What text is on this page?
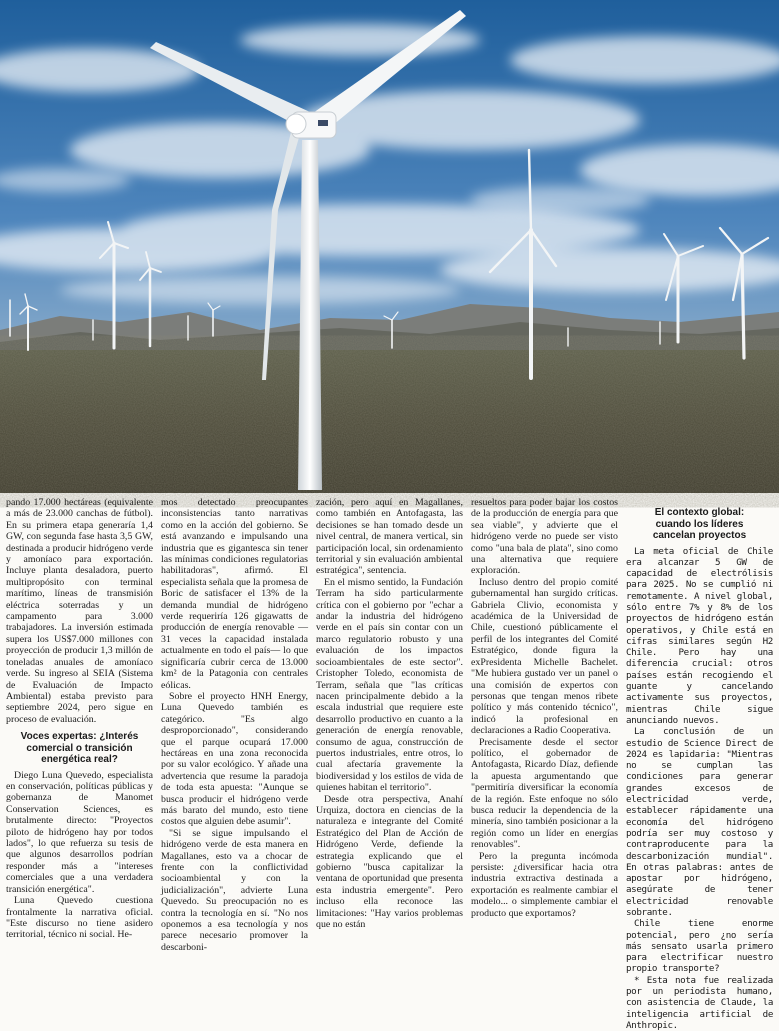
pando 17.000 hectáreas (equivalente a más de 23.000 canchas de fútbol). En su primera etapa generaría 1,4 GW, con segunda fase hasta 3,5 GW, destinada a producir hidrógeno verde y amoníaco para exportación. Incluye planta desaladora, puerto multipropósito con terminal marítimo, líneas de transmisión eléctrica soterradas y un campamento para 3.000 trabajadores. La inversión estimada supera los US$7.000 millones con proyección de producir 1,3 millón de toneladas anuales de amoníaco verde. Su ingreso al SEIA (Sistema de Evaluación de Impacto Ambiental) estaba previsto para septiembre 2024, pero sigue en proceso de evaluación.

Voces expertas: ¿Interés
comercial o transición
energética real?

Diego Luna Quevedo, especialista en conservación, políticas públicas y gobernanza de Manomet Conservation Sciences, es brutalmente directo: "Proyectos piloto de hidrógeno hay por todos lados", lo que refuerza su tesis de que algunos desarrollos podrían responder más a "intereses comerciales que a una verdadera transición energética".

Luna Quevedo cuestiona frontalmente la narrativa oficial. "Este discurso no tiene asidero territorial, técnico ni social. He-

mos detectado preocupantes inconsistencias tanto narrativas como en la acción del gobierno. Se está avanzando e impulsando una industria que es gigantesca sin tener las mínimas condiciones regulatorias habilitadoras", afirmó. El especialista señala que la promesa de Boric de satisfacer el 13% de la demanda mundial de hidrógeno verde requeriría 126 gigawatts de producción de energía renovable —31 veces la capacidad instalada actualmente en todo el país— lo que significaría cubrir cerca de 13.000 km² de la Patagonia con centrales eólicas.

Sobre el proyecto HNH Energy, Luna Quevedo también es categórico. "Es algo desproporcionado", considerando que el parque ocupará 17.000 hectáreas en una zona reconocida por su valor ecológico. Y añade una advertencia que resume la paradoja de toda esta apuesta: "Aunque se busca producir el hidrógeno verde más barato del mundo, esto tiene costos que alguien debe asumir".

"Si se sigue impulsando el hidrógeno verde de esta manera en Magallanes, esto va a chocar de frente con la conflictividad socioambiental y con la judicialización", advierte Luna Quevedo. Su preocupación no es contra la tecnología en sí. "No nos oponemos a esa tecnología y nos parece necesario promover la descarboni-

zación, pero aquí en Magallanes, como también en Antofagasta, las decisiones se han tomado desde un nivel central, de manera vertical, sin participación local, sin ordenamiento territorial y sin evaluación ambiental estratégica", sentencia.

En el mismo sentido, la Fundación Terram ha sido particularmente crítica con el gobierno por "echar a andar la industria del hidrógeno verde en el país sin contar con un marco regulatorio robusto y una evaluación de los impactos socioambientales de este sector". Cristopher Toledo, economista de Terram, señala que "las críticas nacen principalmente debido a la escala industrial que requiere este desarrollo productivo en cuanto a la generación de energía renovable, consumo de agua, construcción de puertos industriales, entre otros, lo cual afectaría gravemente la biodiversidad y los estilos de vida de quienes habitan el territorio".

Desde otra perspectiva, Anahí Urquiza, doctora en ciencias de la naturaleza e integrante del Comité Estratégico del Plan de Acción de Hidrógeno Verde, defiende la estrategia explicando que el gobierno "busca capitalizar la ventana de oportunidad que presenta esta industria emergente". Pero incluso ella reconoce las limitaciones: "Hay varios problemas que no están

resueltos para poder bajar los costos de la producción de energía para que sea viable", y advierte que el hidrógeno verde no puede ser visto como "una bala de plata", sino como una alternativa que requiere exploración.

Incluso dentro del propio comité gubernamental han surgido críticas. Gabriela Clivio, economista y académica de la Universidad de Chile, cuestionó públicamente el perfil de los integrantes del Comité Estratégico, donde figura la exPresidenta Michelle Bachelet. "Me hubiera gustado ver un panel o una comisión de expertos con personas que tengan menos ribete político y más contenido técnico", indicó la profesional en declaraciones a Radio Cooperativa.

Precisamente desde el sector político, el gobernador de Antofagasta, Ricardo Díaz, defiende la apuesta argumentando que "permitiría diversificar la economía de la región. Este enfoque no sólo busca reducir la dependencia de la minería, sino también posicionar a la región como un líder en energías renovables".

Pero la pregunta incómoda persiste: ¿diversificar hacia otra industria extractiva destinada a exportación es realmente cambiar el modelo... o simplemente cambiar el producto que exportamos?

El contexto global:
cuando los líderes
cancelan proyectos

La meta oficial de Chile era alcanzar 5 GW de capacidad de electrólisis para 2025. No se cumplió ni remotamente. A nivel global, sólo entre 7% y 8% de los proyectos de hidrógeno están operativos, y Chile está en cifras similares según H2 Chile. Pero hay una diferencia crucial: otros países están recogiendo el guante y cancelando activamente sus proyectos, mientras Chile sigue anunciando nuevos.

La conclusión de un estudio de Science Direct de 2024 es lapidaria: "Mientras no se cumplan las condiciones para generar grandes excesos de electricidad verde, establecer rápidamente una economía del hidrógeno podría ser muy costoso y contraproducente para la descarbonización mundial". En otras palabras: antes de apostar por hidrógeno, asegúrate de tener electricidad renovable sobrante.

Chile tiene enorme potencial, pero ¿no sería más sensato usarla primero para electrificar nuestro propio transporte?

* Esta nota fue realizada por un periodista humano, con asistencia de Claude, la inteligencia artificial de Anthropic.
